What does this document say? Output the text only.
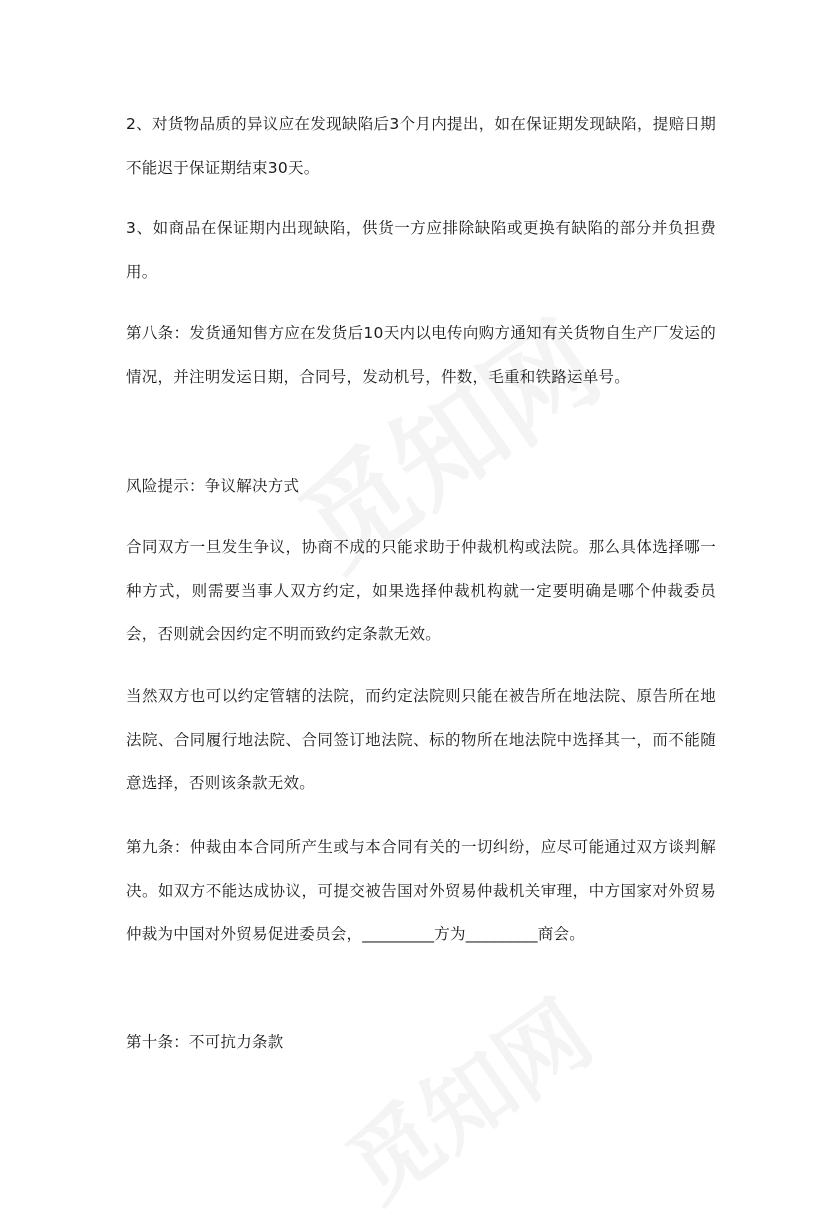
2、对货物品质的异议应在发现缺陷后3个月内提出，如在保证期发现缺陷，提赔日期不能迟于保证期结束30天。

3、如商品在保证期内出现缺陷，供货一方应排除缺陷或更换有缺陷的部分并负担费用。

第八条：发货通知售方应在发货后10天内以电传向购方通知有关货物自生产厂发运的情况，并注明发运日期，合同号，发动机号，件数，毛重和铁路运单号。

风险提示：争议解决方式

合同双方一旦发生争议，协商不成的只能求助于仲裁机构或法院。那么具体选择哪一种方式，则需要当事人双方约定，如果选择仲裁机构就一定要明确是哪个仲裁委员会，否则就会因约定不明而致约定条款无效。

当然双方也可以约定管辖的法院，而约定法院则只能在被告所在地法院、原告所在地法院、合同履行地法院、合同签订地法院、标的物所在地法院中选择其一，而不能随意选择，否则该条款无效。

第九条：仲裁由本合同所产生或与本合同有关的一切纠纷，应尽可能通过双方谈判解决。如双方不能达成协议，可提交被告国对外贸易仲裁机关审理，中方国家对外贸易仲裁为中国对外贸易促进委员会，_________方为_________商会。

第十条：不可抗力条款
